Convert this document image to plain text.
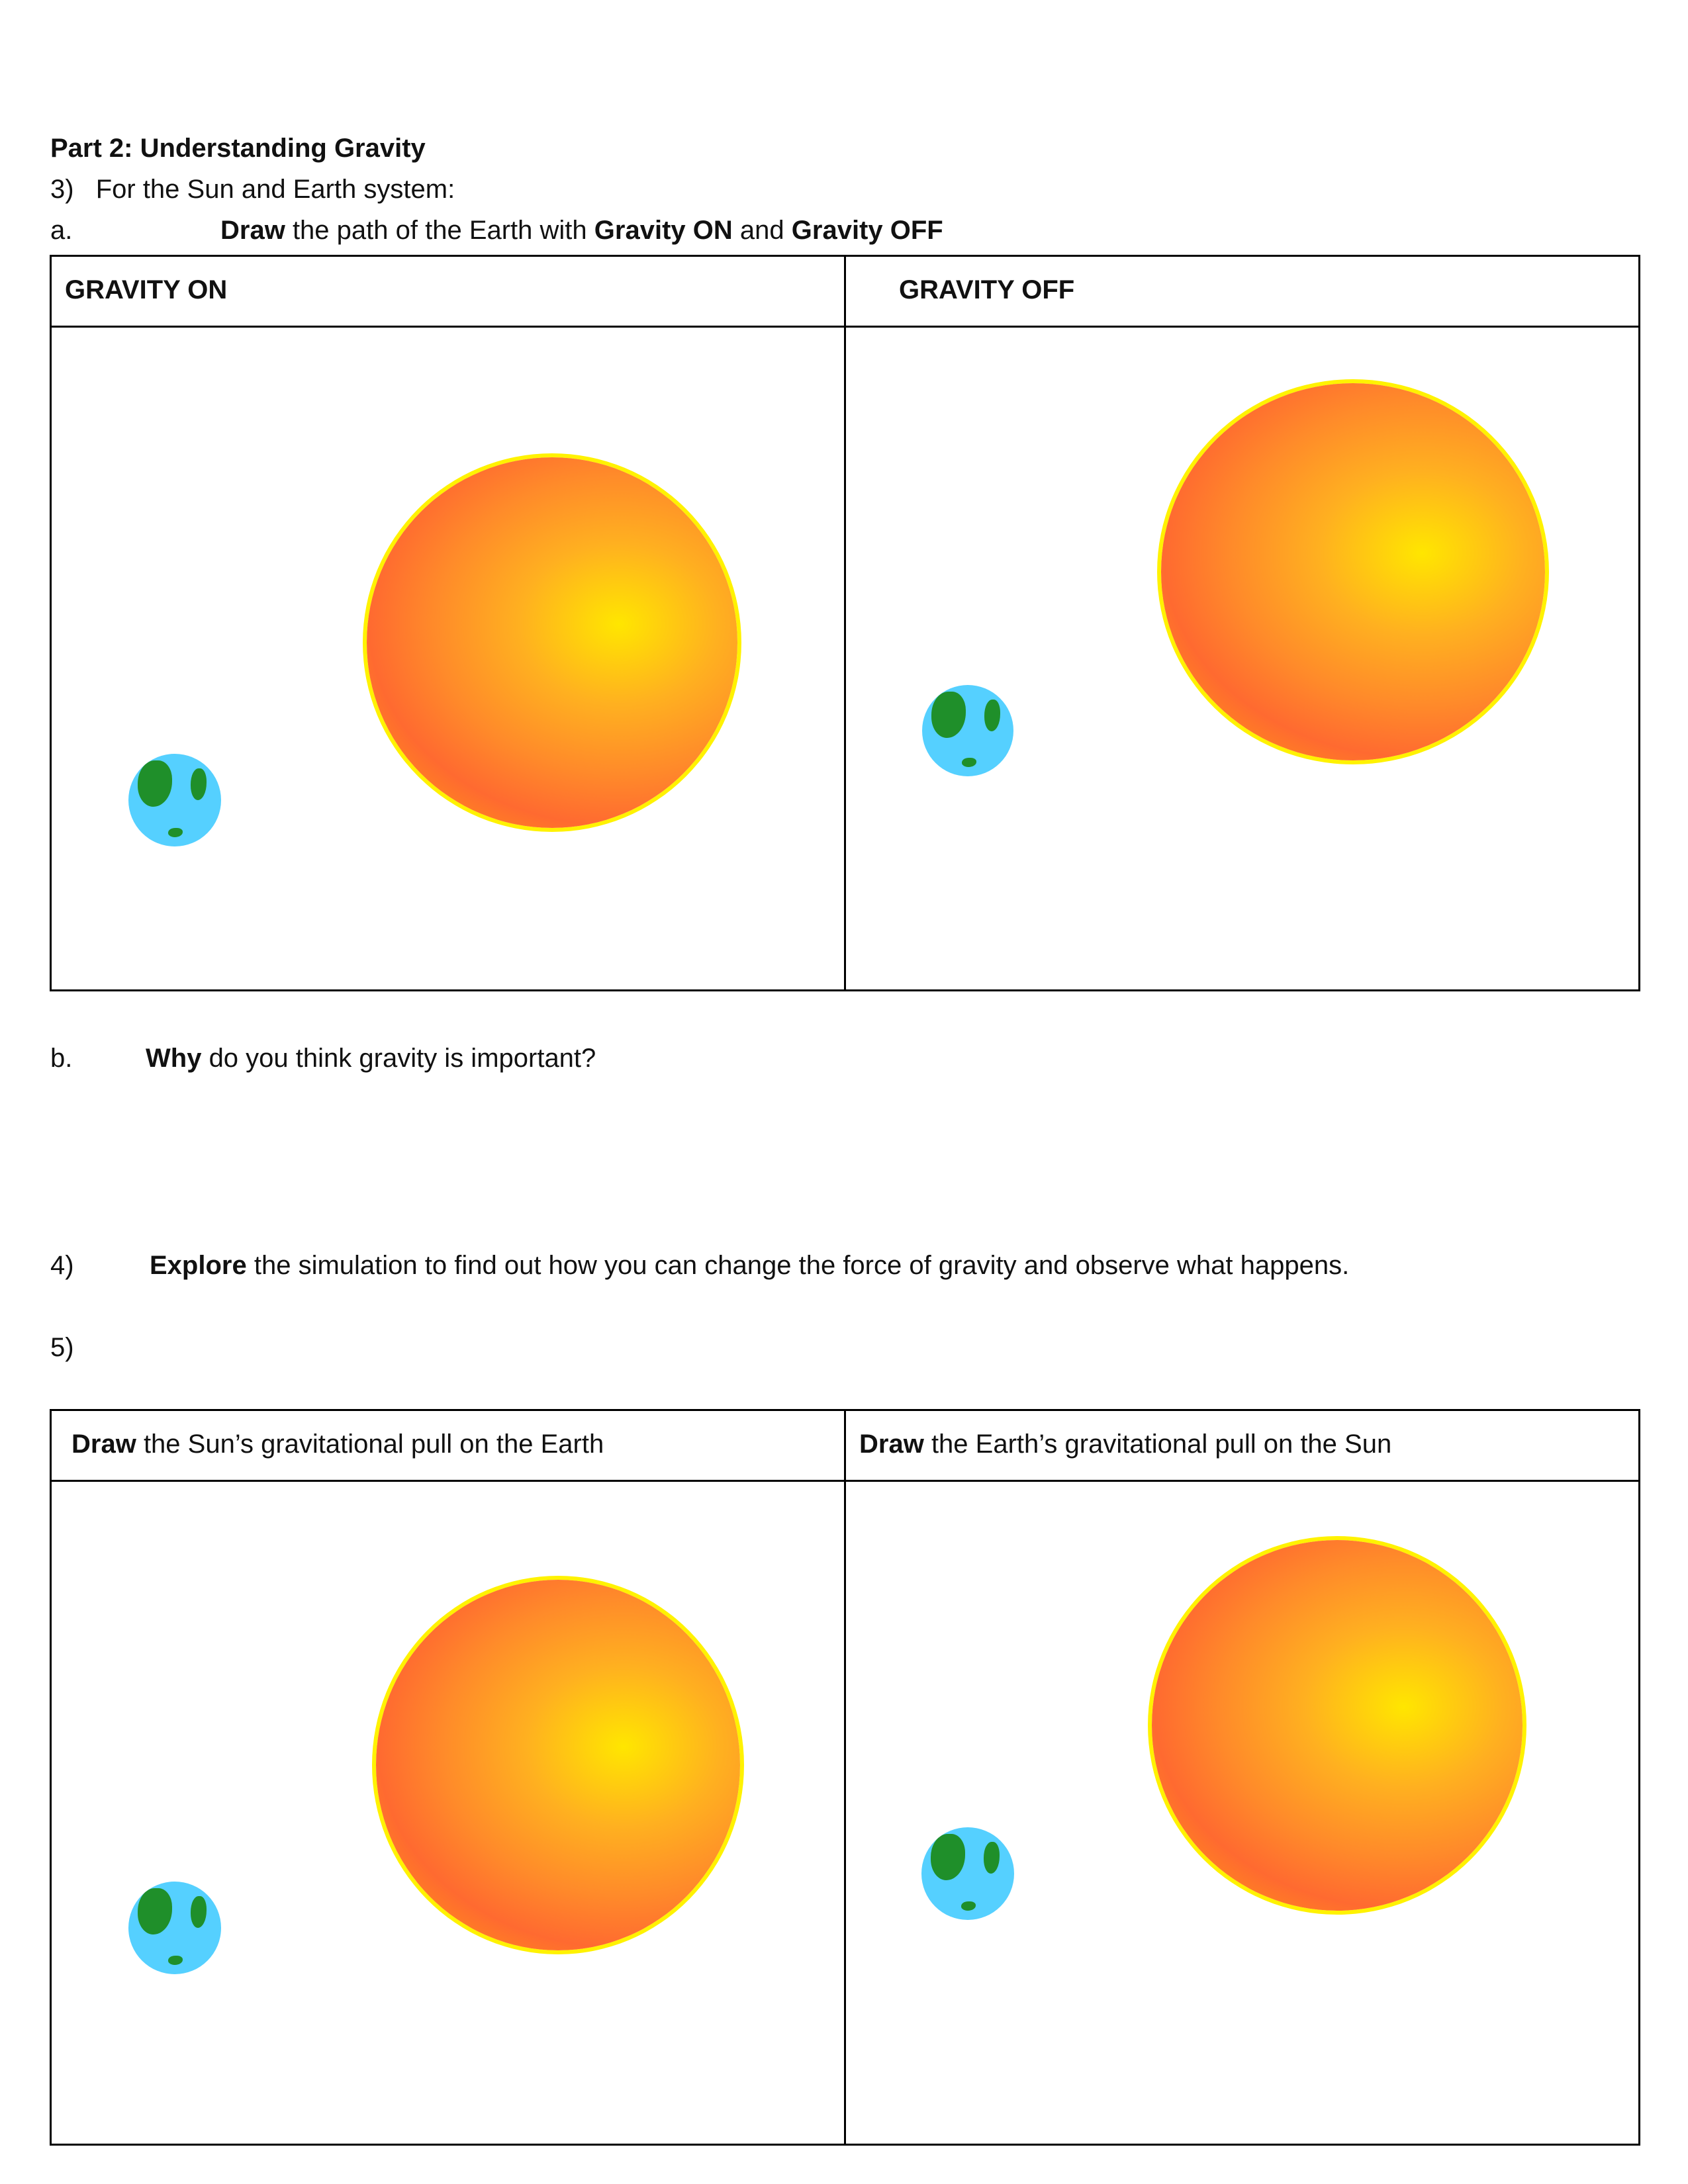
Part 2: Understanding Gravity
3) For the Sun and Earth system:
a.	Draw the path of the Earth with Gravity ON and Gravity OFF
GRAVITY ON	GRAVITY OFF

b.	Why do you think gravity is important?
4)	Explore the simulation to find out how you can change the force of gravity and observe what happens.
5)
Draw the Sun’s gravitational pull on the Earth	Draw the Earth’s gravitational pull on the Sun
